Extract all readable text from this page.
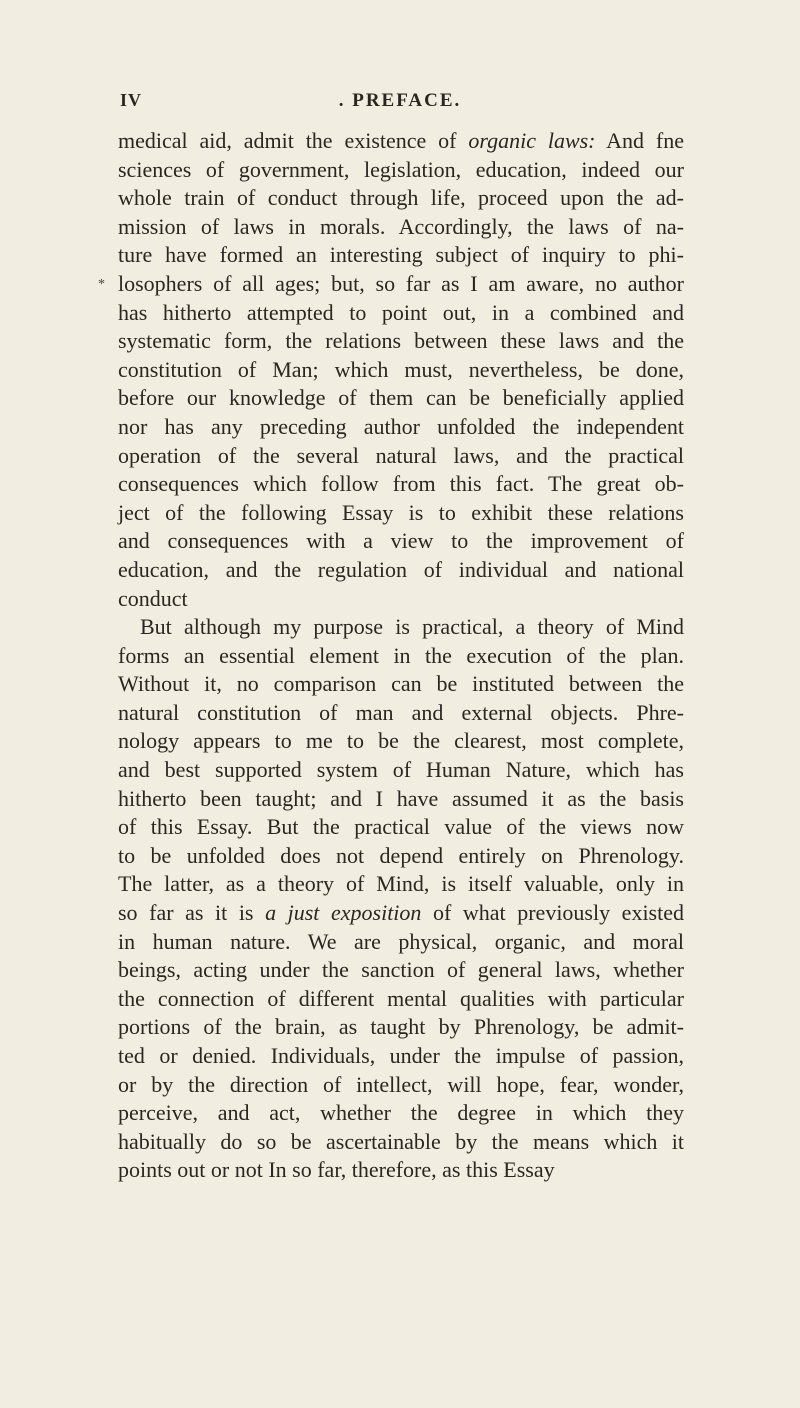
IV	. PREFACE.
*
medical aid, admit the existence of organic laws: And fne
sciences of government, legislation, education, indeed our
whole train of conduct through life, proceed upon the ad-
mission of laws in morals. Accordingly, the laws of na-
ture have formed an interesting subject of inquiry to phi-
losophers of all ages; but, so far as I am aware, no author
has hitherto attempted to point out, in a combined and
systematic form, the relations between these laws and the
constitution of Man; which must, nevertheless, be done,
before our knowledge of them can be beneficially applied
nor has any preceding author unfolded the independent
operation of the several natural laws, and the practical
consequences which follow from this fact. The great ob-
ject of the following Essay is to exhibit these relations
and consequences with a view to the improvement of
education, and the regulation of individual and national
conduct
But although my purpose is practical, a theory of Mind
forms an essential element in the execution of the plan.
Without it, no comparison can be instituted between the
natural constitution of man and external objects. Phre-
nology appears to me to be the clearest, most complete,
and best supported system of Human Nature, which has
hitherto been taught; and I have assumed it as the basis
of this Essay. But the practical value of the views now
to be unfolded does not depend entirely on Phrenology.
The latter, as a theory of Mind, is itself valuable, only in
so far as it is a just exposition of what previously existed
in human nature. We are physical, organic, and moral
beings, acting under the sanction of general laws, whether
the connection of different mental qualities with particular
portions of the brain, as taught by Phrenology, be admit-
ted or denied. Individuals, under the impulse of passion,
or by the direction of intellect, will hope, fear, wonder,
perceive, and act, whether the degree in which they
habitually do so be ascertainable by the means which it
points out or not In so far, therefore, as this Essay
